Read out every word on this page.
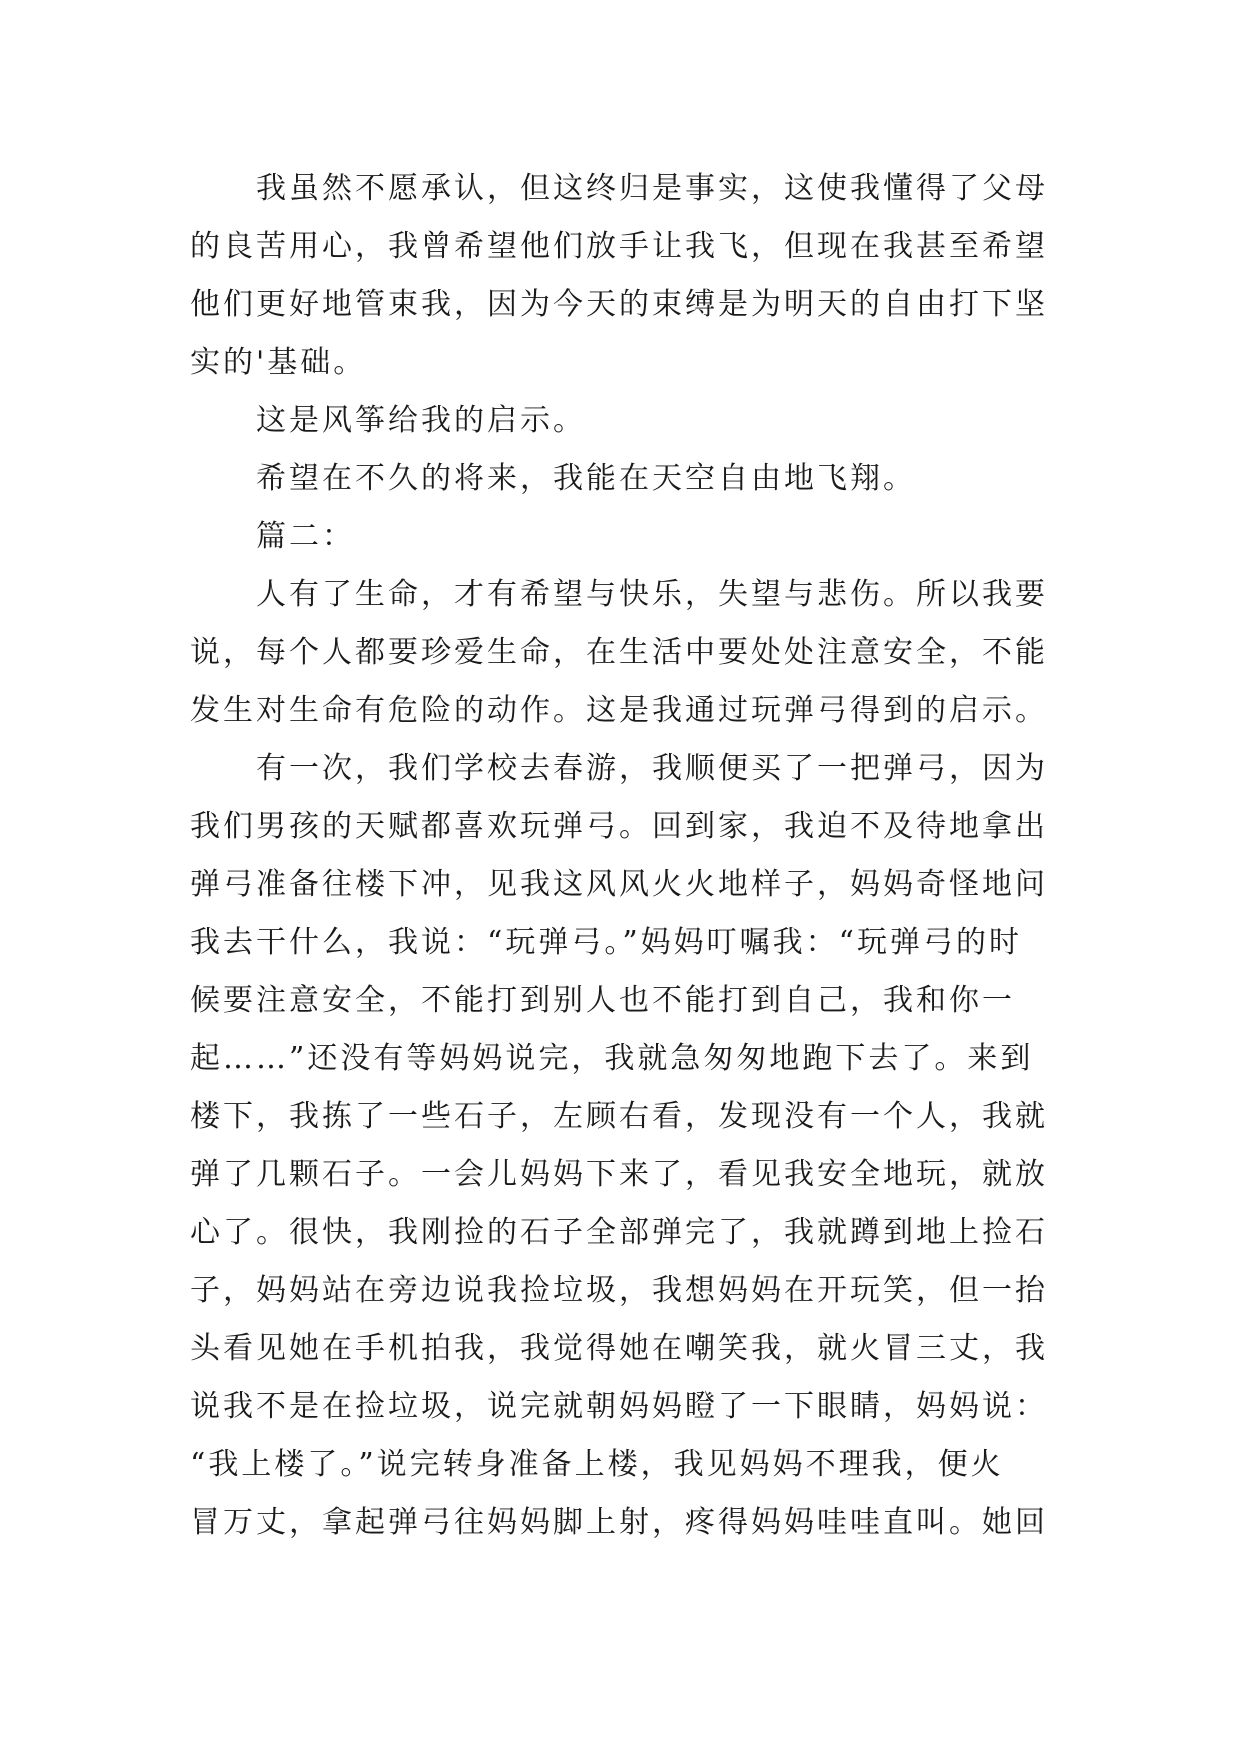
我虽然不愿承认，但这终归是事实，这使我懂得了父母
的良苦用心，我曾希望他们放手让我飞，但现在我甚至希望
他们更好地管束我，因为今天的束缚是为明天的自由打下坚
实的'基础。
这是风筝给我的启示。
希望在不久的将来，我能在天空自由地飞翔。
篇二：
人有了生命，才有希望与快乐，失望与悲伤。所以我要
说，每个人都要珍爱生命，在生活中要处处注意安全，不能
发生对生命有危险的动作。这是我通过玩弹弓得到的启示。
有一次，我们学校去春游，我顺便买了一把弹弓，因为
我们男孩的天赋都喜欢玩弹弓。回到家，我迫不及待地拿出
弹弓准备往楼下冲，见我这风风火火地样子，妈妈奇怪地问
我去干什么，我说：“玩弹弓。”妈妈叮嘱我：“玩弹弓的时
候要注意安全，不能打到别人也不能打到自己，我和你一
起……”还没有等妈妈说完，我就急匆匆地跑下去了。来到
楼下，我拣了一些石子，左顾右看，发现没有一个人，我就
弹了几颗石子。一会儿妈妈下来了，看见我安全地玩，就放
心了。很快，我刚捡的石子全部弹完了，我就蹲到地上捡石
子，妈妈站在旁边说我捡垃圾，我想妈妈在开玩笑，但一抬
头看见她在手机拍我，我觉得她在嘲笑我，就火冒三丈，我
说我不是在捡垃圾，说完就朝妈妈瞪了一下眼睛，妈妈说：
“我上楼了。”说完转身准备上楼，我见妈妈不理我，便火
冒万丈，拿起弹弓往妈妈脚上射，疼得妈妈哇哇直叫。她回
